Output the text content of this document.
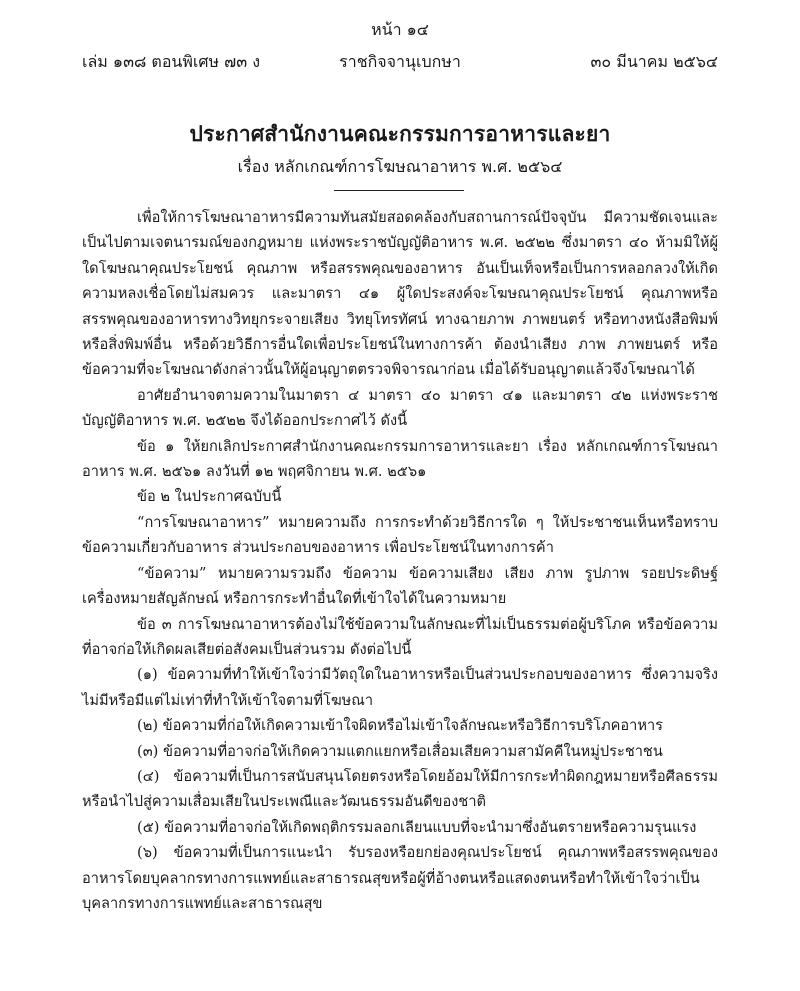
หน้า ๑๔
ราชกิจจานุเบกษา
เล่ม ๑๓๘ ตอนพิเศษ ๗๓ ง	๓๐ มีนาคม ๒๕๖๔
ประกาศสำนักงานคณะกรรมการอาหารและยา
เรื่อง หลักเกณฑ์การโฆษณาอาหาร พ.ศ. ๒๕๖๔

เพื่อให้การโฆษณาอาหารมีความทันสมัยสอดคล้องกับสถานการณ์ปัจจุบัน มีความชัดเจนและเป็นไปตามเจตนารมณ์ของกฎหมาย แห่งพระราชบัญญัติอาหาร พ.ศ. ๒๕๒๒ ซึ่งมาตรา ๔๐ ห้ามมิให้ผู้ใดโฆษณาคุณประโยชน์ คุณภาพ หรือสรรพคุณของอาหาร อันเป็นเท็จหรือเป็นการหลอกลวงให้เกิดความหลงเชื่อโดยไม่สมควร และมาตรา ๔๑ ผู้ใดประสงค์จะโฆษณาคุณประโยชน์ คุณภาพหรือสรรพคุณของอาหารทางวิทยุกระจายเสียง วิทยุโทรทัศน์ ทางฉายภาพ ภาพยนตร์ หรือทางหนังสือพิมพ์ หรือสิ่งพิมพ์อื่น หรือด้วยวิธีการอื่นใดเพื่อประโยชน์ในทางการค้า ต้องนำเสียง ภาพ ภาพยนตร์ หรือข้อความที่จะโฆษณาดังกล่าวนั้นให้ผู้อนุญาตตรวจพิจารณาก่อน เมื่อได้รับอนุญาตแล้วจึงโฆษณาได้

อาศัยอำนาจตามความในมาตรา ๔ มาตรา ๔๐ มาตรา ๔๑ และมาตรา ๔๒ แห่งพระราชบัญญัติอาหาร พ.ศ. ๒๕๒๒ จึงได้ออกประกาศไว้ ดังนี้

ข้อ ๑ ให้ยกเลิกประกาศสำนักงานคณะกรรมการอาหารและยา เรื่อง หลักเกณฑ์การโฆษณาอาหาร พ.ศ. ๒๕๖๑ ลงวันที่ ๑๒ พฤศจิกายน พ.ศ. ๒๕๖๑

ข้อ ๒ ในประกาศฉบับนี้

“การโฆษณาอาหาร” หมายความถึง การกระทำด้วยวิธีการใด ๆ ให้ประชาชนเห็นหรือทราบข้อความเกี่ยวกับอาหาร ส่วนประกอบของอาหาร เพื่อประโยชน์ในทางการค้า

“ข้อความ” หมายความรวมถึง ข้อความ ข้อความเสียง เสียง ภาพ รูปภาพ รอยประดิษฐ์ เครื่องหมายสัญลักษณ์ หรือการกระทำอื่นใดที่เข้าใจได้ในความหมาย

ข้อ ๓ การโฆษณาอาหารต้องไม่ใช้ข้อความในลักษณะที่ไม่เป็นธรรมต่อผู้บริโภค หรือข้อความที่อาจก่อให้เกิดผลเสียต่อสังคมเป็นส่วนรวม ดังต่อไปนี้

(๑) ข้อความที่ทำให้เข้าใจว่ามีวัตถุใดในอาหารหรือเป็นส่วนประกอบของอาหาร ซึ่งความจริงไม่มีหรือมีแต่ไม่เท่าที่ทำให้เข้าใจตามที่โฆษณา

(๒) ข้อความที่ก่อให้เกิดความเข้าใจผิดหรือไม่เข้าใจลักษณะหรือวิธีการบริโภคอาหาร

(๓) ข้อความที่อาจก่อให้เกิดความแตกแยกหรือเสื่อมเสียความสามัคคีในหมู่ประชาชน

(๔) ข้อความที่เป็นการสนับสนุนโดยตรงหรือโดยอ้อมให้มีการกระทำผิดกฎหมายหรือศีลธรรม หรือนำไปสู่ความเสื่อมเสียในประเพณีและวัฒนธรรมอันดีของชาติ

(๕) ข้อความที่อาจก่อให้เกิดพฤติกรรมลอกเลียนแบบที่จะนำมาซึ่งอันตรายหรือความรุนแรง

(๖) ข้อความที่เป็นการแนะนำ รับรองหรือยกย่องคุณประโยชน์ คุณภาพหรือสรรพคุณของอาหารโดยบุคลากรทางการแพทย์และสาธารณสุขหรือผู้ที่อ้างตนหรือแสดงตนหรือทำให้เข้าใจว่าเป็นบุคลากรทางการแพทย์และสาธารณสุข
